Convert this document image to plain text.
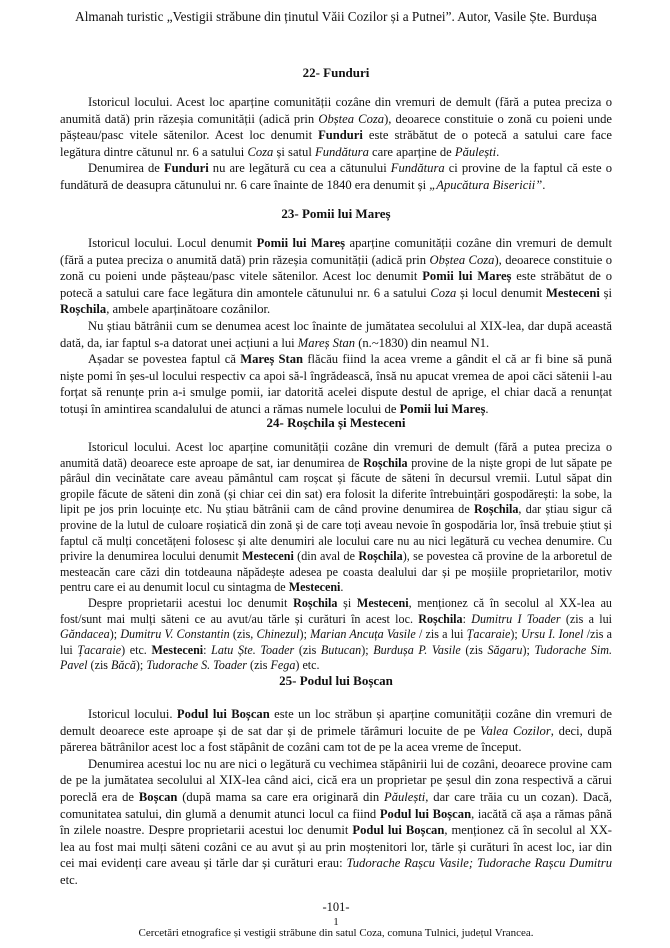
Almanah turistic „Vestigii străbune din ținutul Văii Cozilor și a Putnei”. Autor, Vasile Ște. Burdușa
22- Funduri

Istoricul locului. Acest loc aparține comunității cozâne din vremuri de demult (fără a putea preciza o anumită dată) prin răzeșia comunității (adică prin Obștea Coza), deoarece constituie o zonă cu poieni unde pășteau/pasc vitele sătenilor. Acest loc denumit Funduri este străbătut de o potecă a satului care face legătura dintre cătunul nr. 6 a satului Coza și satul Fundătura care aparține de Păulești.

Denumirea de Funduri nu are legătură cu cea a cătunului Fundătura ci provine de la faptul că este o fundătură de deasupra cătunului nr. 6 care înainte de 1840 era denumit și „Apucătura Bisericii”.

23- Pomii lui Mareș

Istoricul locului. Locul denumit Pomii lui Mareș aparține comunității cozâne din vremuri de demult (fără a putea preciza o anumită dată) prin răzeșia comunității (adică prin Obștea Coza), deoarece constituie o zonă cu poieni unde pășteau/pasc vitele sătenilor. Acest loc denumit Pomii lui Mareș este străbătut de o potecă a satului care face legătura din amontele cătunului nr. 6 a satului Coza și locul denumit Mesteceni și Roșchila, ambele aparținătoare cozânilor.

Nu știau bătrânii cum se denumea acest loc înainte de jumătatea secolului al XIX-lea, dar după această dată, da, iar faptul s-a datorat unei acțiuni a lui Mareș Stan (n.~1830) din neamul N1.

Așadar se povestea faptul că Mareș Stan flăcău fiind la acea vreme a gândit el că ar fi bine să pună niște pomi în șes-ul locului respectiv ca apoi să-l îngrădească, însă nu apucat vremea de apoi căci sătenii l-au forțat să renunțe prin a-i smulge pomii, iar datorită acelei dispute destul de aprige, el chiar dacă a renunțat totuși în amintirea scandalului de atunci a rămas numele locului de Pomii lui Mareș.

24- Roșchila și Mesteceni

Istoricul locului. Acest loc aparține comunității cozâne din vremuri de demult (fără a putea preciza o anumită dată) deoarece este aproape de sat, iar denumirea de Roșchila provine de la niște gropi de lut săpate pe pârâul din vecinătate care aveau pământul cam roșcat și făcute de săteni în decursul vremii. Lutul săpat din gropile făcute de săteni din zonă (și chiar cei din sat) era folosit la diferite întrebuințări gospodărești: la sobe, la lipit pe jos prin locuințe etc. Nu știau bătrânii cam de când provine denumirea de Roșchila, dar știau sigur că provine de la lutul de culoare roșiatică din zonă și de care toți aveau nevoie în gospodăria lor, însă trebuie știut și faptul că mulți concetățeni folosesc și alte denumiri ale locului care nu au nici legătură cu vechea denumire. Cu privire la denumirea locului denumit Mesteceni (din aval de Roșchila), se povestea că provine de la arboretul de mesteacăn care căzi din totdeauna năpădește adesea pe coasta dealului dar și pe moșiile proprietarilor, motiv pentru care ei au denumit locul cu sintagma de Mesteceni.

Despre proprietarii acestui loc denumit Roșchila și Mesteceni, menționez că în secolul al XX-lea au fost/sunt mai mulți săteni ce au avut/au tărle și curături în acest loc. Roșchila: Dumitru I Toader (zis a lui Găndacea); Dumitru V. Constantin (zis, Chinezul); Marian Ancuța Vasile / zis a lui Țacaraie); Ursu I. Ionel /zis a lui Țacaraie) etc. Mesteceni: Latu Ște. Toader (zis Butucan); Burdușa P. Vasile (zis Săgaru); Tudorache Sim. Pavel (zis Băcă); Tudorache S. Toader (zis Fega) etc.

25- Podul lui Boșcan

Istoricul locului. Podul lui Boșcan este un loc străbun și aparține comunității cozâne din vremuri de demult deoarece este aproape și de sat dar și de primele tărâmuri locuite de pe Valea Cozilor, deci, după părerea bătrânilor acest loc a fost stăpânit de cozâni cam tot de pe la acea vreme de început.

Denumirea acestui loc nu are nici o legătură cu vechimea stăpânirii lui de cozâni, deoarece provine cam de pe la jumătatea secolului al XIX-lea când aici, cică era un proprietar pe șesul din zona respectivă a cărui poreclă era de Boșcan (după mama sa care era originară din Păulești, dar care trăia cu un cozan). Dacă, comunitatea satului, din glumă a denumit atunci locul ca fiind Podul lui Boșcan, iacătă că așa a rămas până în zilele noastre. Despre proprietarii acestui loc denumit Podul lui Boșcan, menționez că în secolul al XX-lea au fost mai mulți săteni cozâni ce au avut și au prin moștenitori lor, tărle și curături în acest loc, iar din cei mai evidenți care aveau și tărle dar și curături erau: Tudorache Rașcu Vasile; Tudorache Rașcu Dumitru etc.

-101-
1
Cercetări etnografice și vestigii străbune din satul Coza, comuna Tulnici, județul Vrancea.
